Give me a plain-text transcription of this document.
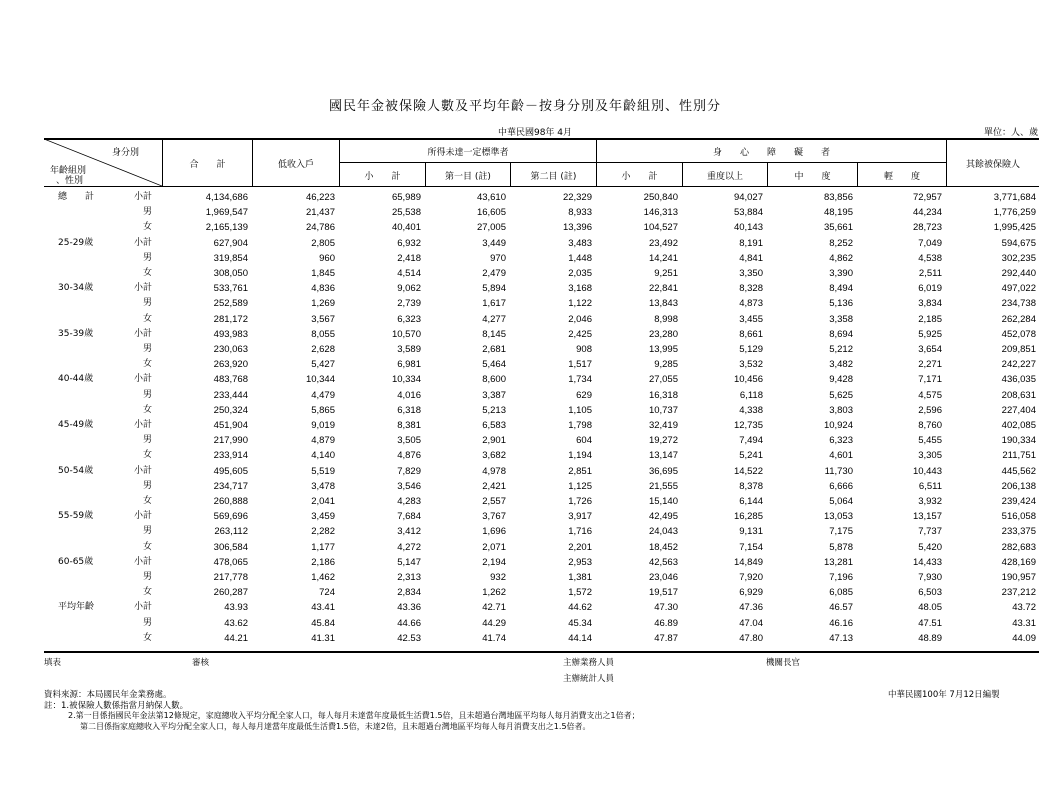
國民年金被保險人數及平均年齡－按身分別及年齡組別、性別分
中華民國98年 4月	單位：人、歲
身分別
年齡組別
、性別
合　　計	低收入戶
所得未達一定標準者
小　　計	第一目 (註)	第二目 (註)
身　　心　　障　　礙　　者
小　　計	重度以上	中　　度	輕　　度
其餘被保險人
總　　計	小計	4,134,686	46,223	65,989	43,610	22,329	250,840	94,027	83,856	72,957	3,771,684
男	1,969,547	21,437	25,538	16,605	8,933	146,313	53,884	48,195	44,234	1,776,259
女	2,165,139	24,786	40,401	27,005	13,396	104,527	40,143	35,661	28,723	1,995,425
25-29歲	小計	627,904	2,805	6,932	3,449	3,483	23,492	8,191	8,252	7,049	594,675
男	319,854	960	2,418	970	1,448	14,241	4,841	4,862	4,538	302,235
女	308,050	1,845	4,514	2,479	2,035	9,251	3,350	3,390	2,511	292,440
30-34歲	小計	533,761	4,836	9,062	5,894	3,168	22,841	8,328	8,494	6,019	497,022
男	252,589	1,269	2,739	1,617	1,122	13,843	4,873	5,136	3,834	234,738
女	281,172	3,567	6,323	4,277	2,046	8,998	3,455	3,358	2,185	262,284
35-39歲	小計	493,983	8,055	10,570	8,145	2,425	23,280	8,661	8,694	5,925	452,078
男	230,063	2,628	3,589	2,681	908	13,995	5,129	5,212	3,654	209,851
女	263,920	5,427	6,981	5,464	1,517	9,285	3,532	3,482	2,271	242,227
40-44歲	小計	483,768	10,344	10,334	8,600	1,734	27,055	10,456	9,428	7,171	436,035
男	233,444	4,479	4,016	3,387	629	16,318	6,118	5,625	4,575	208,631
女	250,324	5,865	6,318	5,213	1,105	10,737	4,338	3,803	2,596	227,404
45-49歲	小計	451,904	9,019	8,381	6,583	1,798	32,419	12,735	10,924	8,760	402,085
男	217,990	4,879	3,505	2,901	604	19,272	7,494	6,323	5,455	190,334
女	233,914	4,140	4,876	3,682	1,194	13,147	5,241	4,601	3,305	211,751
50-54歲	小計	495,605	5,519	7,829	4,978	2,851	36,695	14,522	11,730	10,443	445,562
男	234,717	3,478	3,546	2,421	1,125	21,555	8,378	6,666	6,511	206,138
女	260,888	2,041	4,283	2,557	1,726	15,140	6,144	5,064	3,932	239,424
55-59歲	小計	569,696	3,459	7,684	3,767	3,917	42,495	16,285	13,053	13,157	516,058
男	263,112	2,282	3,412	1,696	1,716	24,043	9,131	7,175	7,737	233,375
女	306,584	1,177	4,272	2,071	2,201	18,452	7,154	5,878	5,420	282,683
60-65歲	小計	478,065	2,186	5,147	2,194	2,953	42,563	14,849	13,281	14,433	428,169
男	217,778	1,462	2,313	932	1,381	23,046	7,920	7,196	7,930	190,957
女	260,287	724	2,834	1,262	1,572	19,517	6,929	6,085	6,503	237,212
平均年齡	小計	43.93	43.41	43.36	42.71	44.62	47.30	47.36	46.57	48.05	43.72
男	43.62	45.84	44.66	44.29	45.34	46.89	47.04	46.16	47.51	43.31
女	44.21	41.31	42.53	41.74	44.14	47.87	47.80	47.13	48.89	44.09
填表	審核	主辦業務人員	機關長官
主辦統計人員
資料來源：本局國民年金業務處。	中華民國100年 7月12日編製
註：1.被保險人數係指當月納保人數。
2.第一目係指國民年金法第12條規定，家庭總收入平均分配全家人口，每人每月未達當年度最低生活費1.5倍，且未超過台灣地區平均每人每月消費支出之1倍者；
第二目係指家庭總收入平均分配全家人口，每人每月達當年度最低生活費1.5倍，未達2倍，且未超過台灣地區平均每人每月消費支出之1.5倍者。
